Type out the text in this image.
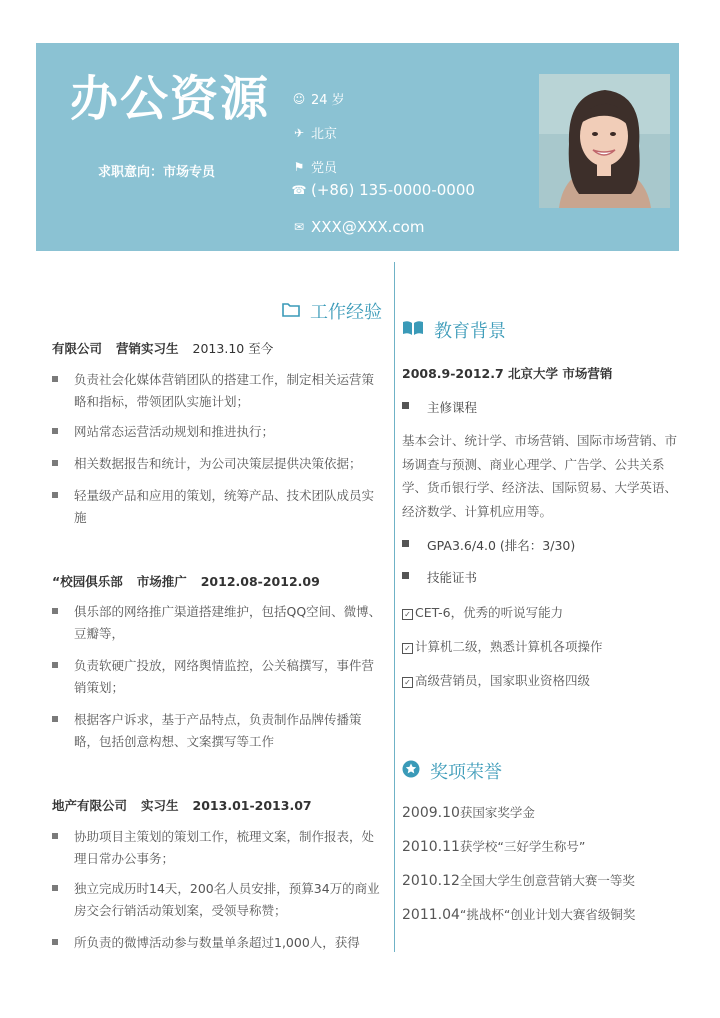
办公资源
求职意向：市场专员
☺ 24 岁
✈ 北京
⚑ 党员
☎ (+86) 135-0000-0000
✉ XXX@XXX.com
工作经验
有限公司 营销实习生 2013.10 至今
负责社会化媒体营销团队的搭建工作，制定相关运营策略和指标，带领团队实施计划；
网站常态运营活动规划和推进执行；
相关数据报告和统计，为公司决策层提供决策依据；
轻量级产品和应用的策划，统筹产品、技术团队成员实施
“校园俱乐部 市场推广 2012.08-2012.09
俱乐部的网络推广渠道搭建维护，包括QQ空间、微博、豆瓣等，
负责软硬广投放，网络舆情监控，公关稿撰写，事件营销策划；
根据客户诉求，基于产品特点，负责制作品牌传播策略，包括创意构想、文案撰写等工作
地产有限公司 实习生 2013.01-2013.07
协助项目主策划的策划工作，梳理文案，制作报表，处理日常办公事务；
独立完成历时14天，200名人员安排，预算34万的商业房交会行销活动策划案，受领导称赞；
所负责的微博活动参与数量单条超过1,000人，获得
教育背景
2008.9-2012.7 北京大学 市场营销
主修课程
基本会计、统计学、市场营销、国际市场营销、市场调查与预测、商业心理学、广告学、公共关系学、货币银行学、经济法、国际贸易、大学英语、经济数学、计算机应用等。
GPA3.6/4.0 (排名：3/30)
技能证书
✓ CET-6，优秀的听说写能力
✓ 计算机二级，熟悉计算机各项操作
✓ 高级营销员，国家职业资格四级
奖项荣誉
2009.10获国家奖学金
2010.11获学校“三好学生称号”
2010.12全国大学生创意营销大赛一等奖
2011.04“挑战杯“创业计划大赛省级铜奖
